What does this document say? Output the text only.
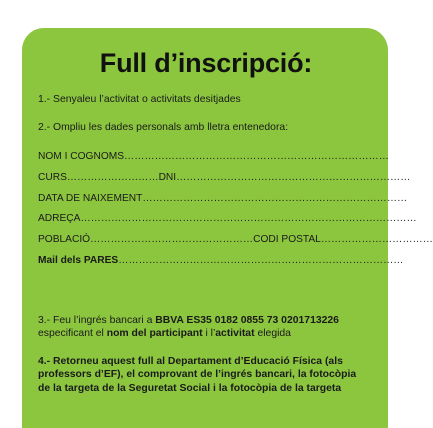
Full d’inscripció:

1.- Senyaleu l’activitat o activitats desitjades

2.- Ompliu les dades personals amb lletra entenedora:

NOM I COGNOMS……………………………………………………………………
CURS………………………DNI……………………………………………………………
DATA DE NAIXEMENT……………………………………………………………………
ADREÇA………………………………………………………………………………………
POBLACIÓ…………………………………………CODI POSTAL……………………………
Mail dels PARES…………………………………………………………………………

3.- Feu l’ingrés bancari a BBVA ES35 0182 0855 73 0201713226

especificant el nom del participant i l’activitat elegida

4.- Retorneu aquest full al Departament d’Educació Física (als

professors d’EF), el comprovant de l’ingrés bancari, la fotocòpia

de la targeta de la Seguretat Social i la fotocòpia de la targeta
